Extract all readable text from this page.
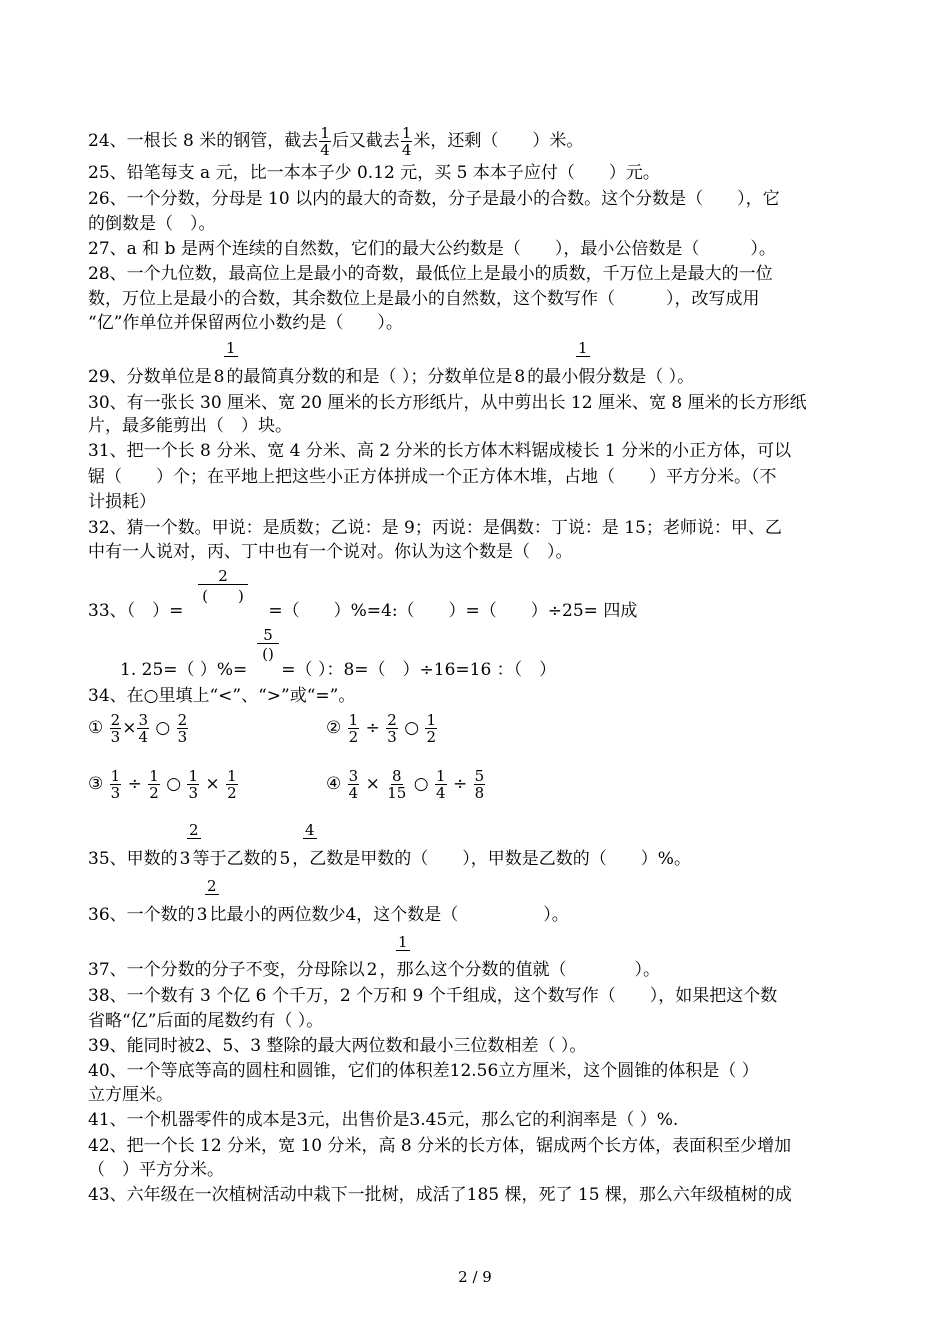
24、一根长 8 米的钢管，截去 $\frac{1}{4}$ 后又截去 $\frac{1}{4}$ 米，还剩（　　）米。
25、铅笔每支 a 元，比一本本子少 0.12 元，买 5 本本子应付（　　）元。
26、一个分数，分母是 10 以内的最大的奇数，分子是最小的合数。这个分数是（　　），它
的倒数是（　）。
27、a 和 b 是两个连续的自然数，它们的最大公约数是（　　），最小公倍数是（　　　）。
28、一个九位数，最高位上是最小的奇数，最低位上是最小的质数，千万位上是最大的一位
数，万位上是最小的合数，其余数位上是最小的自然数，这个数写作（　　　），改写成用
“亿”作单位并保留两位小数约是（　　）。
1	1
29、分数单位是 8 的最简真分数的和是（ ）；分数单位是 8 的最小假分数是（ ）。
30、有一张长 30 厘米、宽 20 厘米的长方形纸片，从中剪出长 12 厘米、宽 8 厘米的长方形纸
片，最多能剪出（　）块。
31、把一个长 8 分米、宽 4 分米、高 2 分米的长方体木料锯成棱长 1 分米的小正方体，可以
锯（　　）个；在平地上把这些小正方体拼成一个正方体木堆，占地（　　）平方分米。（不
计损耗）
32、猜一个数。甲说：是质数；乙说：是 9；丙说：是偶数：丁说：是 15；老师说：甲、乙
中有一人说对，丙、丁中也有一个说对。你认为这个数是（　）。
2
(　　)
33、（　）=　　　　　=（　　）%=4:（　　）=（　　）÷25= 四成
5
()
1. 25=（ ）%=　　=（ ）：8=（　）÷16=16 ：（　）
34、在○里填上“<”、“>”或“=”。
① $\frac{2}{3} \times \frac{3}{4}$ ○ $\frac{2}{3}$	② $\frac{1}{2} \div \frac{2}{3}$ ○ $\frac{1}{2}$
③ $\frac{1}{3} \div \frac{1}{2}$ ○ $\frac{1}{3} \times \frac{1}{2}$	④ $\frac{3}{4} \times \frac{8}{15}$ ○ $\frac{1}{4} \div \frac{5}{8}$
2	4
35、甲数的 3 等于乙数的 5 ，乙数是甲数的（　　），甲数是乙数的（　　）%。
2
36、一个数的 3 比最小的两位数少4，这个数是（　　　　　）。
1
37、一个分数的分子不变，分母除以 2 ，那么这个分数的值就（　　　　）。
38、一个数有 3 个亿 6 个千万，2 个万和 9 个千组成，这个数写作（　　），如果把这个数
省略“亿”后面的尾数约有（ ）。
39、能同时被2、5、3 整除的最大两位数和最小三位数相差（ ）。
40、一个等底等高的圆柱和圆锥，它们的体积差12.56立方厘米，这个圆锥的体积是（ ）
立方厘米。
41、一个机器零件的成本是3元，出售价是3.45元，那么它的利润率是（ ）%.
42、把一个长 12 分米，宽 10 分米，高 8 分米的长方体，锯成两个长方体，表面积至少增加
（　）平方分米。
43、六年级在一次植树活动中栽下一批树，成活了185 棵，死了 15 棵，那么六年级植树的成
2 / 9
